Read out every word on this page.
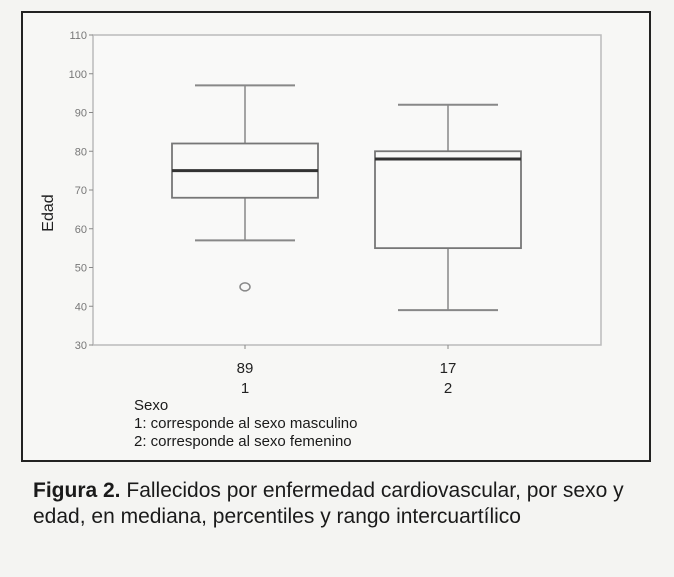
30
40
50
60
70
80
90
100
110
89
1
17
2
Edad
Sexo
1: corresponde al sexo masculino
2: corresponde al sexo femenino
Figura 2. Fallecidos por enfermedad cardiovascular, por sexo y edad, en mediana, percentiles y rango intercuartílico
